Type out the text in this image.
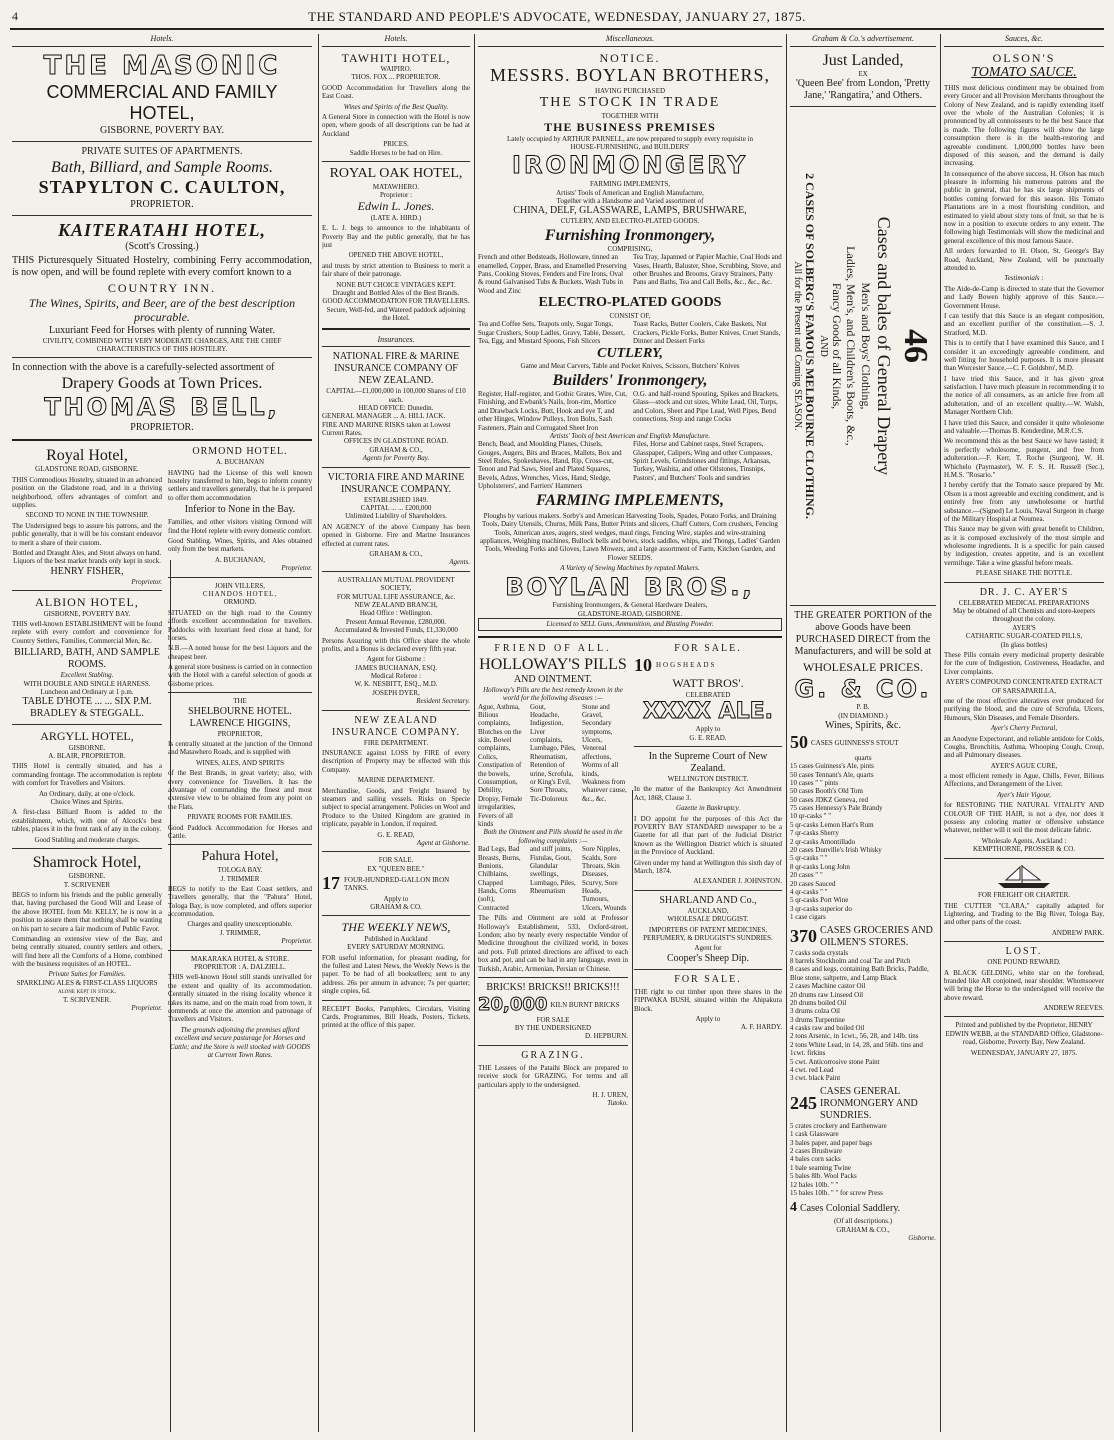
4	THE STANDARD AND PEOPLE'S ADVOCATE, WEDNESDAY, JANUARY 27, 1875.
Hotels.
THE MASONIC
COMMERCIAL AND FAMILY HOTEL,
GISBORNE, POVERTY BAY.
PRIVATE SUITES OF APARTMENTS.
Bath, Billiard, and Sample Rooms.
STAPYLTON C. CAULTON,
PROPRIETOR.
KAITERATAHI HOTEL,
(Scott's Crossing.)

THIS Picturesquely Situated Hostelry, combining Ferry accommodation, is now open, and will be found replete with every comfort known to a

COUNTRY INN.
The Wines, Spirits, and Beer, are of the best description procurable.
Luxuriant Feed for Horses with plenty of running Water.
CIVILITY, COMBINED WITH VERY MODERATE CHARGES, ARE THE CHIEF CHARACTERISTICS OF THIS HOSTELRY.
In connection with the above is a carefully-selected assortment of
Drapery Goods at Town Prices.
THOMAS BELL,
PROPRIETOR.
Royal Hotel,
GLADSTONE ROAD, GISBORNE.

THIS Commodious Hostelry, situated in an advanced position on the Gladstone road, and in a thriving neighborhood, offers advantages of comfort and supplies.

SECOND TO NONE IN THE TOWNSHIP.

The Undersigned begs to assure his patrons, and the public generally, that it will be his constant endeavor to merit a share of their custom.

Bottled and Draught Ales, and Stout always on hand.
Liquors of the best market brands only kept in stock.
HENRY FISHER,
Proprietor.
ALBION HOTEL,
GISBORNE, POVERTY BAY.

THIS well-known ESTABLISHMENT will be found replete with every comfort and convenience for Country Settlers, Families, Commercial Men, &c.

BILLIARD, BATH, AND SAMPLE ROOMS.
Excellent Stabling.
WITH DOUBLE AND SINGLE HARNESS.
Luncheon and Ordinary at 1 p.m.
TABLE D'HOTE ... ... SIX P.M.
BRADLEY & STEGGALL.
ARGYLL HOTEL,
GISBORNE.
A. BLAIR, PROPRIETOR.

THIS Hotel is centrally situated, and has a commanding frontage. The accommodation is replete with comfort for Travellers and Visitors.

An Ordinary, daily, at one o'clock.
Choice Wines and Spirits.

A first-class Billiard Room is added to the establishment, which, with one of Alcock's best tables, places it in the front rank of any in the colony.

Good Stabling and moderate charges.
Shamrock Hotel,
GISBORNE.
T. SCRIVENER

BEGS to inform his friends and the public generally that, having purchased the Good Will and Lease of the above HOTEL from Mr. KELLY, he is now in a position to assure them that nothing shall be wanting on his part to secure a fair modicum of Public Favor.

Commanding an extensive view of the Bay, and being centrally situated, country settlers and others, will find here all the Comforts of a Home, combined with the business requisites of an HOTEL.

Private Suites for Families.
SPARKLING ALES & FIRST-CLASS LIQUORS alone kept in stock.
T. SCRIVENER.
Proprietor.
ORMOND HOTEL.
A. BUCHANAN

HAVING had the License of this well known hostelry transferred to him, begs to inform country settlers and travellers generally, that he is prepared to offer them accommodation

Inferior to None in the Bay.

Families, and other visitors visiting Ormond will find the Hotel replete with every domestic comfort.

Good Stabling. Wines, Spirits, and Ales obtained only from the best markets.

A. BUCHANAN,
Proprietor.
JOHN VILLERS,
CHANDOS HOTEL,
ORMOND.

SITUATED on the high road to the Country affords excellent accommodation for travellers. Paddocks with luxuriant feed close at hand, for horses.

N.B.—A noted house for the best Liquors and the cheapest beer.

A general store business is carried on in connection with the Hotel with a careful selection of goods at Gisborne prices.

THE
SHELBOURNE HOTEL.
LAWRENCE HIGGINS,
PROPRIETOR,

Is centrally situated at the junction of the Ormond and Matawhero Roads, and is supplied with

WINES, ALES, AND SPIRITS

of the Best Brands, in great variety; also, with every convenience for Travellers. It has the advantage of commanding the finest and most extensive view to be obtained from any point on the Flats.

PRIVATE ROOMS FOR FAMILIES.

Good Paddock Accommodation for Horses and Cattle.

Pahura Hotel,
TOLOGA BAY.
J. TRIMMER

BEGS to notify to the East Coast settlers, and Travellers generally, that the "Pahura" Hotel, Tologa Bay, is now completed, and offers superior accommodation.

Charges and quality unexceptionable.
J. TRIMMER,
Proprietor.
MAKARAKA HOTEL & STORE.
PROPRIETOR : A. DALZIELL.

THIS well-known Hotel still stands unrivalled for the extent and quality of its accommodation. Centrally situated in the rising locality whence it takes its name, and on the main road from town, it commends at once the attention and patronage of Travellers and Visitors.

The grounds adjoining the premises afford excellent and secure pasturage for Horses and Cattle; and the Store is well stocked with GOODS at Current Town Rates.

Hotels.
TAWHITI HOTEL,
WAIPIRO.
THOS. FOX ... PROPRIETOR.

GOOD Accommodation for Travellers along the East Coast.

Wines and Spirits of the Best Quality.

A General Store in connection with the Hotel is now open, where goods of all descriptions can be had at Auckland

PRICES.
Saddle Horses to be had on Hire.
ROYAL OAK HOTEL,
MATAWHERO.
Proprietor :
Edwin L. Jones.
(LATE A. HIRD.)

E. L. J. begs to announce to the inhabitants of Poverty Bay and the public generally, that he has just

OPENED THE ABOVE HOTEL,

and trusts by strict attention to Business to merit a fair share of their patronage.

NONE BUT CHOICE VINTAGES KEPT.
Draught and Bottled Ales of the Best Brands.
GOOD ACCOMMODATION FOR TRAVELLERS.
Secure, Well-fed, and Watered paddock adjoining the Hotel.
Insurances.
NATIONAL FIRE & MARINE INSURANCE COMPANY OF NEW ZEALAND.
CAPITAL—£1,000,000 in 100,000 Shares of £10 each.
HEAD OFFICE: Dunedin.
GENERAL MANAGER ... A. HILL JACK.
FIRE AND MARINE RISKS taken at Lowest Current Rates.
OFFICES IN GLADSTONE ROAD.
GRAHAM & CO.,
Agents for Poverty Bay.
VICTORIA FIRE AND MARINE INSURANCE COMPANY.
ESTABLISHED 1849.
CAPITAL ... ... £200,000
Unlimited Liability of Shareholders.

AN AGENCY of the above Company has been opened in Gisborne. Fire and Marine Insurances effected at current rates.

GRAHAM & CO.,
Agents.
AUSTRALIAN MUTUAL PROVIDENT SOCIETY,
FOR MUTUAL LIFE ASSURANCE, &c.
NEW ZEALAND BRANCH,
Head Office : Wellington.
Present Annual Revenue, £280,000.
Accumulated & Invested Funds, £1,330,000

Persons Assuring with this Office share the whole profits, and a Bonus is declared every fifth year.

Agent for Gisborne :
JAMES BUCHANAN, ESQ.
Medical Referee :
W. K. NESBITT, ESQ., M.D.
JOSEPH DYER,
Resident Secretary.
NEW ZEALAND INSURANCE COMPANY.
FIRE DEPARTMENT.

INSURANCE against LOSS by FIRE of every description of Property may be effected with this Company.

MARINE DEPARTMENT.

Merchandise, Goods, and Freight Insured by steamers and sailing vessels. Risks on Specie subject to special arrangement. Policies on Wool and Produce to the United Kingdom are granted in triplicate, payable in London, if required.

G. E. READ,
Agent at Gisborne.
FOR SALE.
EX "QUEEN BEE."
17 FOUR-HUNDRED-GALLON IRON TANKS.
Apply to
GRAHAM & CO.
THE WEEKLY NEWS,
Published in Auckland
EVERY SATURDAY MORNING.

FOR useful information, for pleasant reading, for the fullest and Latest News, the Weekly News is the paper. To be had of all booksellers; sent to any address. 26s per annum in advance; 7s per quarter; single copies, 6d.

RECEIPT Books, Pamphlets, Circulars, Visiting Cards, Programmes, Bill Heads, Posters, Tickets, printed at the office of this paper.

Miscellaneous.
NOTICE.
MESSRS. BOYLAN BROTHERS,
HAVING PURCHASED
THE STOCK IN TRADE
TOGETHER WITH
THE BUSINESS PREMISES
Lately occupied by ARTHUR PARNELL, are now prepared to supply every requisite in
HOUSE-FURNISHING, and BUILDERS'
IRONMONGERY
FARMING IMPLEMENTS,
Artists' Tools of American and English Manufacture,
Together with a Handsome and Varied assortment of
CHINA, DELF, GLASSWARE, LAMPS, BRUSHWARE,
CUTLERY, AND ELECTRO-PLATED GOODS.
Furnishing Ironmongery,
COMPRISING,
French and other Bedsteads, Holloware, tinned an enamelled, Copper, Brass, and Enamelled Preserving Pans, Cooking Stoves, Fenders and Fire Irons, Oval & round Galvanised Tubs & Buckets, Wash Tubs in Wood and Zinc
Tea Tray, Japanned or Papier Machie, Coal Hods and Vases, Hearth, Baluster, Shoe, Scrubbing, Stove, and other Brushes and Brooms, Gravy Strainers, Patty Pans and Baths, Tea and Call Bells, &c., &c., &c.
ELECTRO-PLATED GOODS
CONSIST OF,
Tea and Coffee Sets, Teapots only, Sugar Tongs, Sugar Crushers, Soup Ladles, Gravy, Table, Dessert, Tea, Egg, and Mustard Spoons, Fish Slicers
Toast Racks, Butter Coolers, Cake Baskets, Nut Crackers, Pickle Forks, Butter Knives, Cruet Stands, Dinner and Dessert Forks
CUTLERY,
Game and Meat Carvers, Table and Pocket Knives, Scissors, Butchers' Knives
Builders' Ironmongery,
Register, Half-register, and Gothic Grates, Wire, Cut, Finishing, and Ewbank's Nails, Iron-rim, Mortice and Drawback Locks, Butt, Hook and eye T, and other Hinges, Window Pulleys, Iron Bolts, Sash Fasteners, Plain and Corrugated Sheet Iron
O.G. and half-round Spouting, Spikes and Brackets, Glass—stock and cut sizes, White Lead, Oil, Turps, and Colors, Sheet and Pipe Lead, Well Pipes, Bend connections, Stop and range Cocks
Artists' Tools of best American and English Manufacture.
Bench, Bead, and Moulding Planes, Chisels, Gouges, Augers, Bits and Braces, Mallets, Box and Steel Rules, Spokeshaves, Hand, Rip, Cross-cut, Tenon and Pad Saws, Steel and Plated Squares, Bevels, Adzes, Wrenches, Vices, Hand, Sledge, Upholsterers', and Farriers' Hammers
Files, Horse and Cabinet rasps, Steel Scrapers, Glasspaper, Calipers, Wing and other Compasses, Spirit Levels, Grindstones and fittings, Arkansas, Turkey, Washita, and other Oilstones, Tinsnips, Pastors', and Butchers' Tools and sundries
FARMING IMPLEMENTS,

Ploughs by various makers. Sorby's and American Harvesting Tools, Spades, Potato Forks, and Draining Tools, Dairy Utensils, Churns, Milk Pans, Butter Prints and slicers, Chaff Cutters, Corn crushers, Fencing Tools, American axes, augers, steel wedges, maul rings, Fencing Wire, staples and wire-straining appliances, Weighing machines, Bullock bells and bows, stock saddles, whips, and Thongs, Ladies' Garden Tools, Weeding Forks and Gloves, Lawn Mowers, and a large assortment of Farm, Kitchen Garden, and Flower SEEDS.

A Variety of Sewing Machines by reputed Makers.
BOYLAN BROS.,
Furnishing Ironmongers, & General Hardware Dealers,
GLADSTONE-ROAD, GISBORNE.
Licensed to SELL Guns, Ammunition, and Blasting Powder.
FRIEND OF ALL.
HOLLOWAY'S PILLS
AND OINTMENT.
Holloway's Pills are the best remedy known in the world for the following diseases :—
Ague, Asthma, Bilious complaints, Blotches on the skin, Bowel complaints, Colics, Constipation of the bowels, Consumption, Debility, Dropsy, Female irregularities, Fevers of all kinds
Gout, Headache, Indigestion, Liver complaints, Lumbago, Piles, Rheumatism, Retention of urine, Scrofula, or King's Evil, Sore Throats, Tic-Doloreux
Stone and Gravel, Secondary symptoms, Ulcers, Venereal affections, Worms of all kinds, Weakness from whatever cause, &c., &c.
Both the Ointment and Pills should be used in the following complaints :—
Bad Legs, Bad Breasts, Burns, Bunions, Chilblains, Chapped Hands, Corns (soft), Contracted
and stiff joints, Fistulas, Gout, Glandular swellings, Lumbago, Piles, Rheumatism
Sore Nipples, Scalds, Sore Throats, Skin Diseases, Scurvy, Sore Heads, Tumours, Ulcers, Wounds

The Pills and Ointment are sold at Professor Holloway's Establishment, 533, Oxford-street, London; also by nearly every respectable Vendor of Medicine throughout the civilized world, in boxes and pots. Full printed directions are affixed to each box and pot, and can be had in any language, even in Turkish, Arabic, Armenian, Persian or Chinese.

BRICKS! BRICKS!! BRICKS!!!
20,000 KILN BURNT BRICKS
FOR SALE
BY THE UNDERSIGNED
D. HEPBURN.
GRAZING.

THE Lessees of the Pataihi Block are prepared to receive stock for GRAZING. For terms and all particulars apply to the undersigned.

H. J. UREN,
Tutoko.
FOR SALE.
10 HOGSHEADS
WATT BROS'.
CELEBRATED
XXXX ALE.
Apply to
G. E. READ.
In the Supreme Court of New Zealand.
WELLINGTON DISTRICT.

In the matter of the Bankruptcy Act Amendment Act, 1868, Clause 3.

Gazette in Bankruptcy.

I DO appoint for the purposes of this Act the POVERTY BAY STANDARD newspaper to be a Gazette for all that part of the Judicial District known as the Wellington District which is situated in the Province of Auckland.

Given under my hand at Wellington this sixth day of March, 1874.

ALEXANDER J. JOHNSTON.
SHARLAND AND Co.,
AUCKLAND,
WHOLESALE DRUGGIST.

IMPORTERS OF PATENT MEDICINES, PERFUMERY, & DRUGGIST'S SUNDRIES.

Agent for
Cooper's Sheep Dip.
FOR SALE.

THE right to cut timber upon three shares in the FIPIWAKA BUSH, situated within the Ahipakura Block.

Apply to
A. F. HARDY.
Graham & Co.'s advertisement.
Just Landed,
EX
'Queen Bee' from London, 'Pretty Jane,' 'Rangatira,' and Others.
46
Cases and bales of General Drapery
Men's and Boys' Clothing,
Ladies, Men's, and Children's Boots, &c.,
Fancy Goods of all Kinds,
AND
2 CASES OF SOLBERG'S FAMOUS MELBOURNE CLOTHING.
All for the Present and Coming SEASON.

THE GREATER PORTION of the above Goods have been PURCHASED DIRECT from the Manufacturers, and will be sold at

WHOLESALE PRICES.
G. & CO.
P. B.
(IN DIAMOND.)
Wines, Spirits, &c.
50 CASES GUINNESS'S STOUT
quarts
15 cases Guinness's Ale, pints
50 cases Tennant's Ale, quarts
10 cases " " pints
50 cases Booth's Old Tom
50 cases JDKZ Geneva, red
75 cases Hennessy's Pale Brandy
10 qr-casks " "
5 qr-casks Lemon Hart's Rum
7 qr-casks Sherry
2 qr-casks Amontillado
20 cases Dunville's Irish Whisky
5 qr-casks " "
8 qr-casks Long John
20 cases " "
20 cases Sauced
4 qr-casks " "
5 qr-casks Port Wine
3 qr-casks superior do
1 case cigars
370 CASES GROCERIES AND OILMEN'S STORES.
7 casks soda crystals
8 barrels Stockholm and coal Tar and Pitch
8 cases and kegs, containing Bath Bricks, Paddle, Blue stone, saltpetre, and Lamp Black
2 cases Machine castor Oil
20 drums raw Linseed Oil
20 drums boiled Oil
3 drums colza Oil
3 drums Turpentine
4 casks raw and boiled Oil
2 tons Arsenic, in 1cwt., 56, 28, and 14lb. tins
2 tons White Lead, in 14, 28, and 56lb. tins and 1cwt. firkins
5 cwt. Anticorrosive stone Paint
4 cwt. red Lead
3 cwt. black Paint
245
CASES GENERAL IRONMONGERY AND SUNDRIES.
5 crates crockery and Earthenware
1 cask Glassware
3 bales paper, and paper bags
2 cases Brushware
4 bales corn sacks
1 bale seaming Twine
5 bales 8lb. Wool Packs
12 bales 10lb. " "
15 bales 10lb. " " for screw Press
4 Cases Colonial Saddlery.
(Of all descriptions.)
GRAHAM & CO.,
Gisborne.
Sauces, &c.
OLSON'S
TOMATO SAUCE.

THIS most delicious condiment may be obtained from every Grocer and all Provision Merchants throughout the Colony of New Zealand, and is rapidly extending itself over the whole of the Australian Colonies; it is pronounced by all connoisseurs to be the best Sauce that is made. The following figures will show the large consumption there is in the health-restoring and agreeable condiment. 1,000,000 bottles have been disposed of this season, and the demand is daily increasing.

In consequence of the above success, H. Olson has much pleasure in informing his numerous patrons and the public in general, that he has six large shipments of bottles coming forward for this season. His Tomato Plantations are in a most flourishing condition, and estimated to yield about sixty tons of fruit, so that he is now in a position to execute orders to any extent. The following high Testimonials will show the medicinal and general excellence of this most famous Sauce.

All orders forwarded to H. Olson, St. George's Bay Road, Auckland, New Zealand, will be punctually attended to.

Testimonials :

The Aide-de-Camp is directed to state that the Governor and Lady Bowen highly approve of this Sauce.—Government House.

I can testify that this Sauce is an elegant composition, and an excellent purifier of the constitution.—S. J. Stratford, M.D.

This is to certify that I have examined this Sauce, and I consider it an exceedingly agreeable condiment, and well fitting for household purposes. It is more pleasant than Worcester Sauce.—C. F. Goldsbro', M.D.

I have tried this Sauce, and it has given great satisfaction. I have much pleasure in recommending it to the notice of all consumers, as an article free from all adulteration, and of an excellent quality.—W. Walsh, Manager Northern Club.

I have tried this Sauce, and consider it quite wholesome and valuable.—Thomas B. Kenderdine, M.R.C.S.

We recommend this as the best Sauce we have tasted; it is perfectly wholesome, pungent, and free from adulteration.—F. Kerr, T. Roche (Surgeon), W. H. Whichelo (Paymaster), W. F. S. H. Russell (Sec.), H.M.S. "Rosario."

I hereby certify that the Tomato sauce prepared by Mr. Olson is a most agreeable and exciting condiment, and is entirely free from any unwholesome or hurtful substance.—(Signed) Le Louis, Naval Surgeon in charge of the Military Hospital at Noumea.

This Sauce may be given with great benefit to Children, as it is composed exclusively of the most simple and wholesome ingredients. It is a specific for pain caused by indigestion, creates appetite, and is an excellent vermifuge. Take a wine glassful before meals.

PLEASE SHAKE THE BOTTLE.
DR. J. C. AYER'S
CELEBRATED MEDICAL PREPARATIONS
May be obtained of all Chemists and store-keepers throughout the colony.
AYER'S
CATHARTIC SUGAR-COATED PILLS,
(In glass bottles)

These Pills contain every medicinal property desirable for the cure of Indigestion, Costiveness, Headache, and Liver complaints.

AYER'S COMPOUND CONCENTRATED EXTRACT OF SARSAPARILLA,

one of the most effective alteratives ever produced for purifying the blood, and the cure of Scrofula, Ulcers, Humours, Skin Diseases, and Female Disorders.

Ayer's Cherry Pectoral,

an Anodyne Expectorant, and reliable antidote for Colds, Coughs, Bronchitis, Asthma, Whooping Cough, Croup, and all Pulmonary diseases.

AYER'S AGUE CURE,

a most efficient remedy in Ague, Chills, Fever, Bilious Affections, and Derangement of the Liver.

Ayer's Hair Vigour,

for RESTORING THE NATURAL VITALITY AND COLOUR OF THE HAIR, is not a dye, nor does it possess any coloring matter or offensive substance whatever, neither will it soil the most delicate fabric.

Wholesale Agents, Auckland :
KEMPTHORNE, PROSSER & CO.
FOR FREIGHT OR CHARTER.

THE CUTTER "CLARA," capitally adapted for Lightering, and Trading to the Big River, Tologa Bay, and other parts of the coast.

ANDREW PARK.
LOST.
ONE POUND REWARD.

A BLACK GELDING, white star on the forehead, branded like AR conjoined, near shoulder. Whomsoever will bring the Horse to the undersigned will receive the above reward.

ANDREW REEVES.

Printed and published by the Proprietor, HENRY EDWIN WEBB, at the STANDARD Office, Gladstone-road, Gisborne, Poverty Bay, New Zealand.

WEDNESDAY, JANUARY 27, 1875.
